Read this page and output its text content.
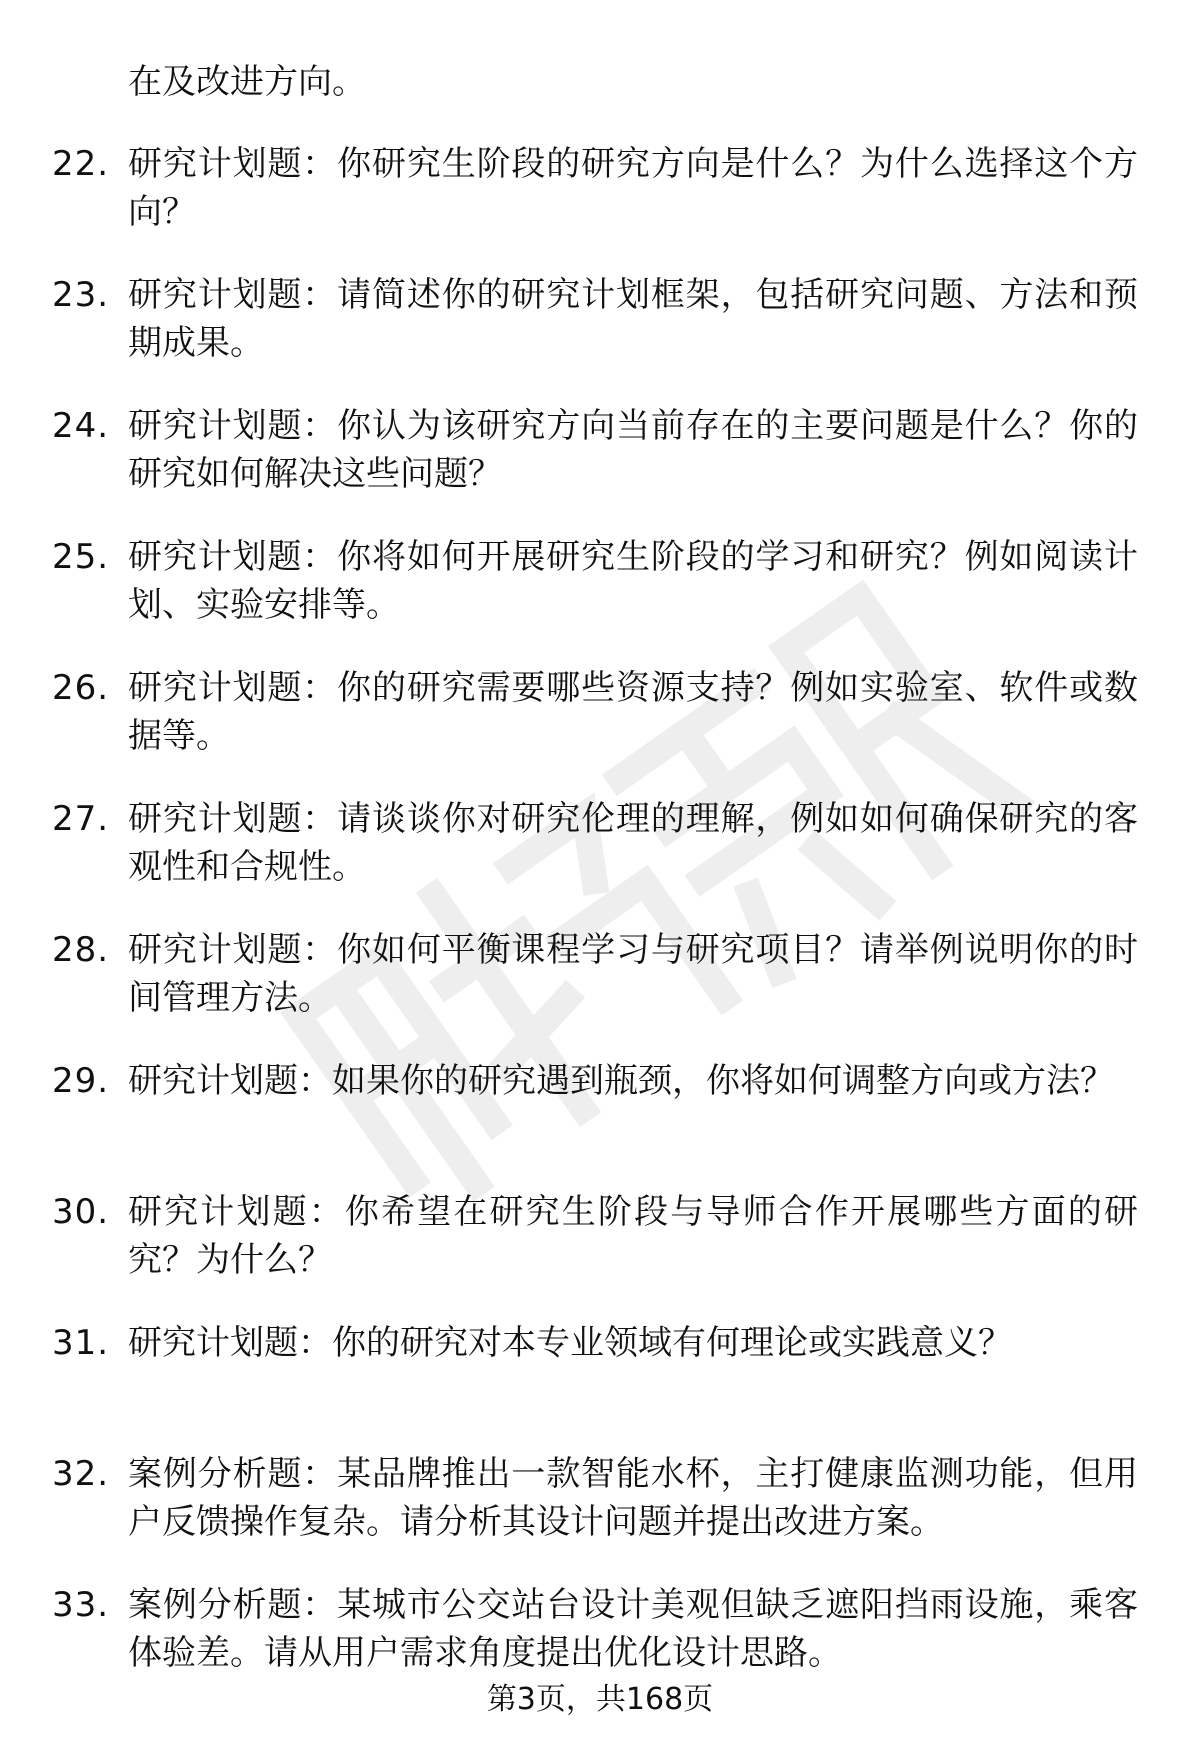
在及改进方向。
22. 研究计划题：你研究生阶段的研究方向是什么？为什么选择这个方向？
23. 研究计划题：请简述你的研究计划框架，包括研究问题、方法和预期成果。
24. 研究计划题：你认为该研究方向当前存在的主要问题是什么？你的研究如何解决这些问题？
25. 研究计划题：你将如何开展研究生阶段的学习和研究？例如阅读计划、实验安排等。
26. 研究计划题：你的研究需要哪些资源支持？例如实验室、软件或数据等。
27. 研究计划题：请谈谈你对研究伦理的理解，例如如何确保研究的客观性和合规性。
28. 研究计划题：你如何平衡课程学习与研究项目？请举例说明你的时间管理方法。
29. 研究计划题：如果你的研究遇到瓶颈，你将如何调整方向或方法？
30. 研究计划题：你希望在研究生阶段与导师合作开展哪些方面的研究？为什么？
31. 研究计划题：你的研究对本专业领域有何理论或实践意义？
32. 案例分析题：某品牌推出一款智能水杯，主打健康监测功能，但用户反馈操作复杂。请分析其设计问题并提出改进方案。
33. 案例分析题：某城市公交站台设计美观但缺乏遮阳挡雨设施，乘客体验差。请从用户需求角度提出优化设计思路。
第3页，共168页
